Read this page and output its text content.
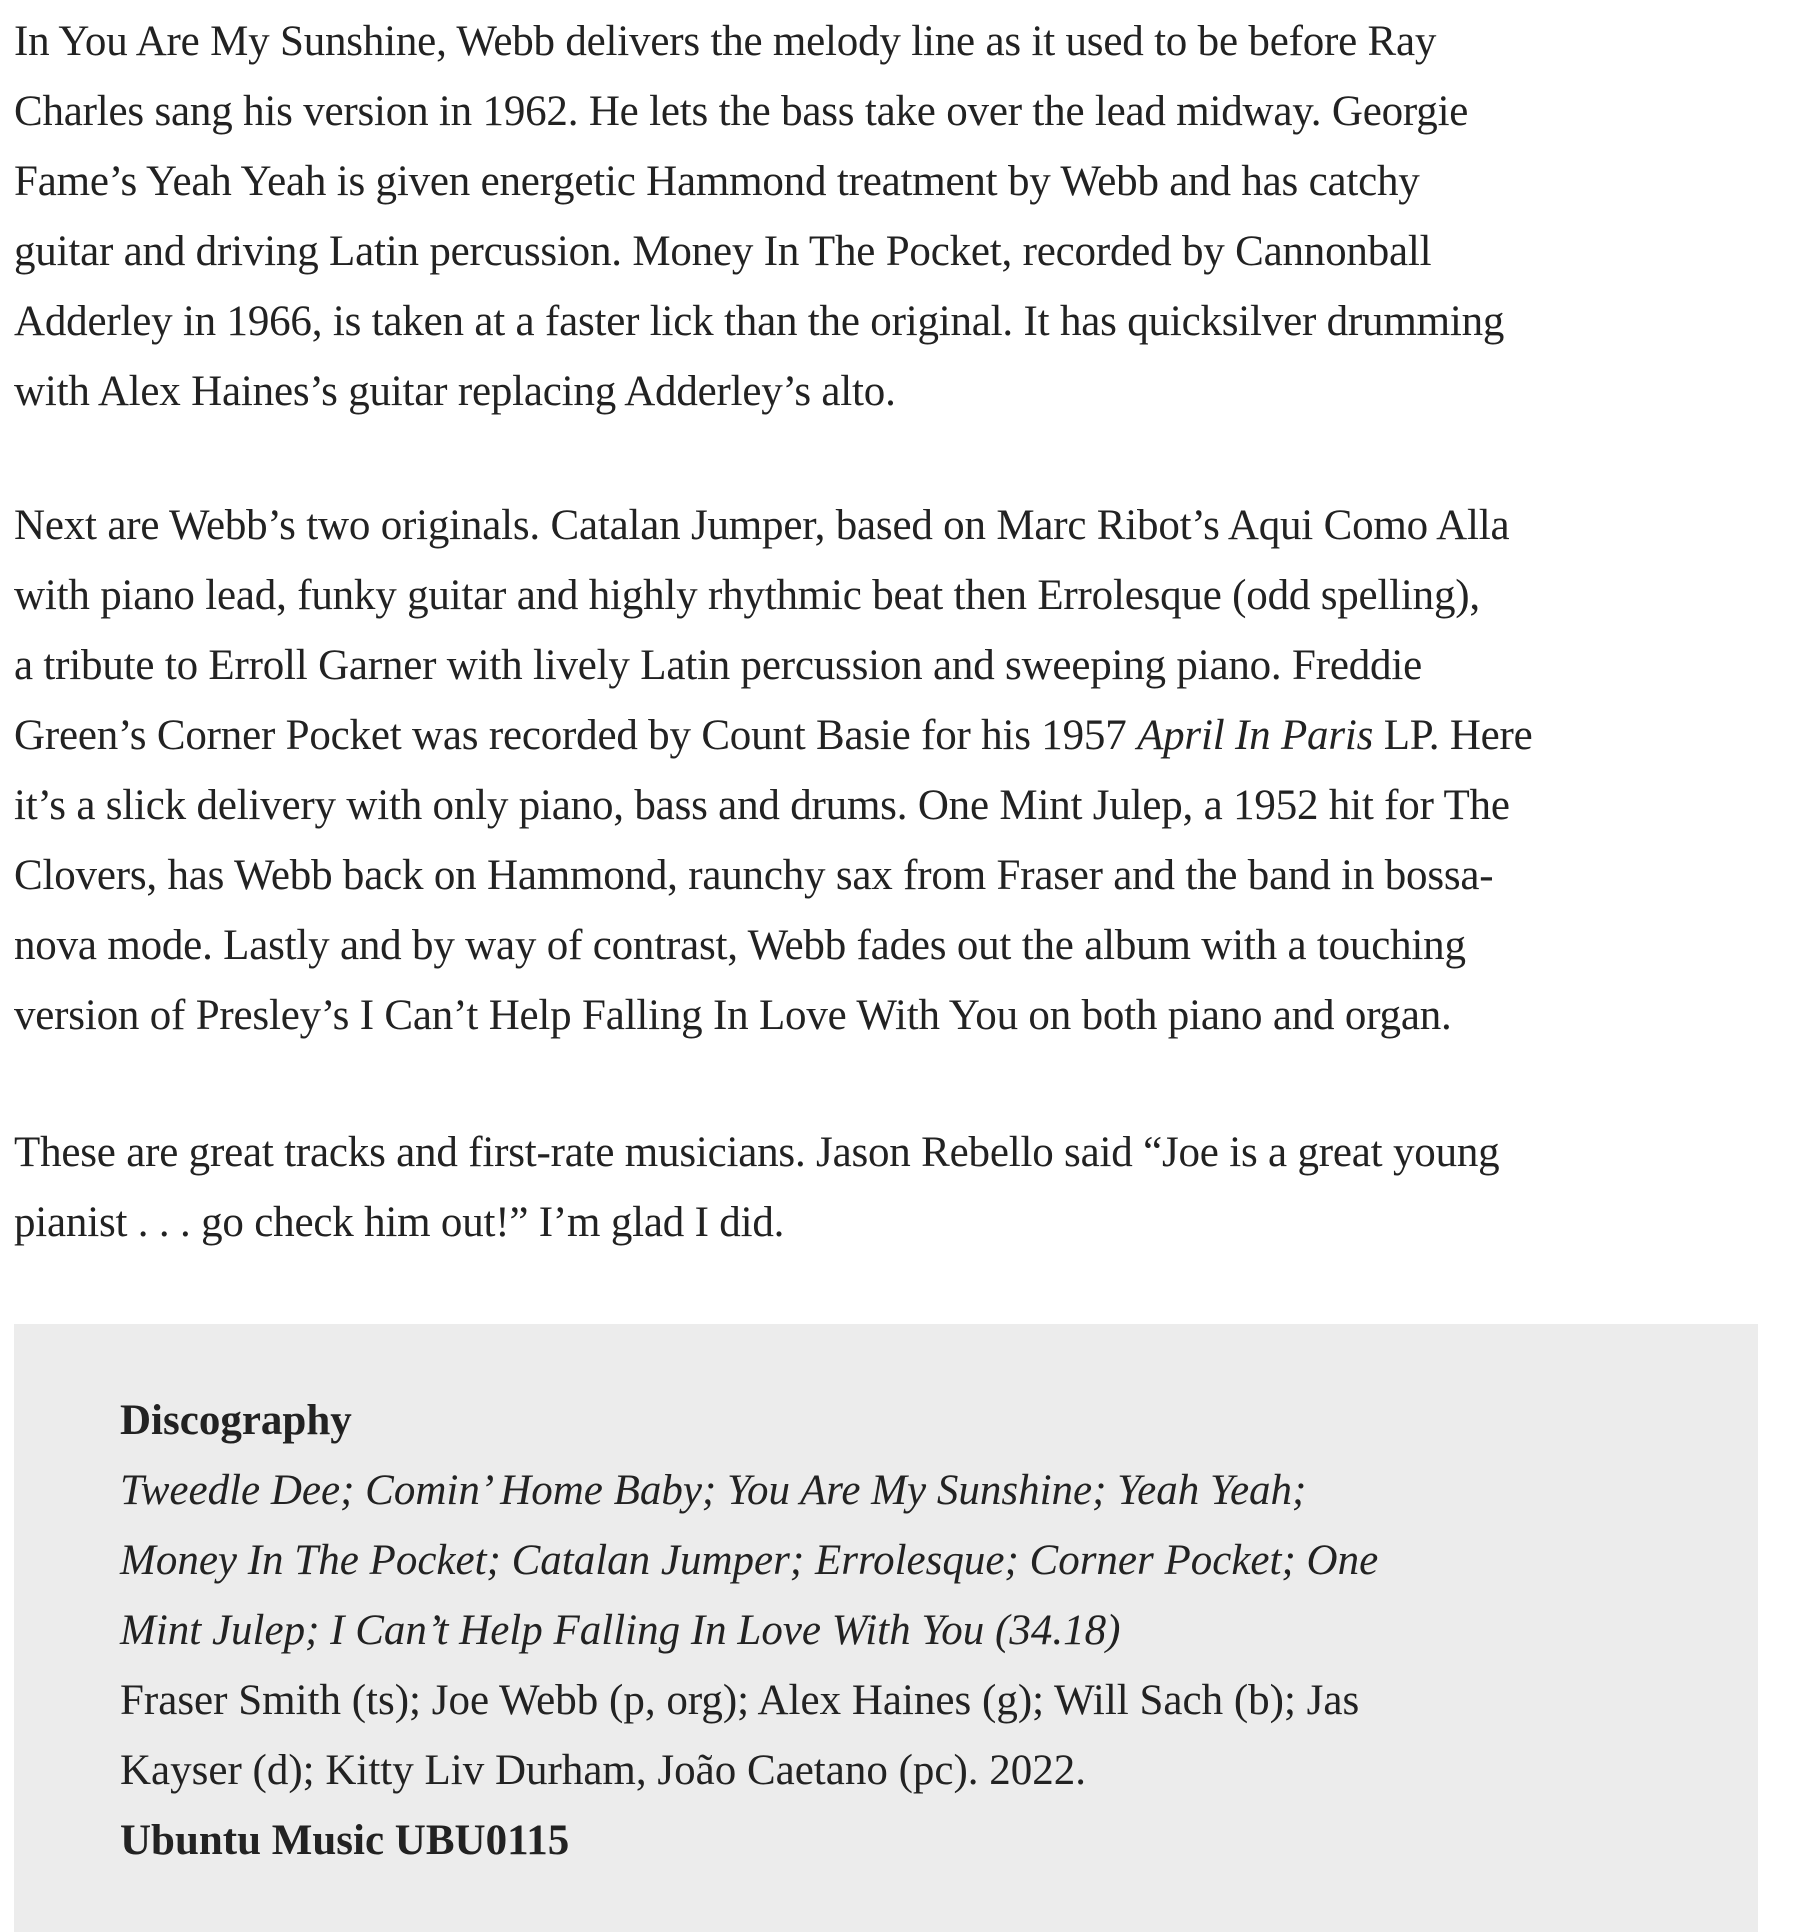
In You Are My Sunshine, Webb delivers the melody line as it used to be before Ray
Charles sang his version in 1962. He lets the bass take over the lead midway. Georgie
Fame’s Yeah Yeah is given energetic Hammond treatment by Webb and has catchy
guitar and driving Latin percussion. Money In The Pocket, recorded by Cannonball
Adderley in 1966, is taken at a faster lick than the original. It has quicksilver drumming
with Alex Haines’s guitar replacing Adderley’s alto.

Next are Webb’s two originals. Catalan Jumper, based on Marc Ribot’s Aqui Como Alla
with piano lead, funky guitar and highly rhythmic beat then Errolesque (odd spelling),
a tribute to Erroll Garner with lively Latin percussion and sweeping piano. Freddie
Green’s Corner Pocket was recorded by Count Basie for his 1957 April In Paris LP. Here
it’s a slick delivery with only piano, bass and drums. One Mint Julep, a 1952 hit for The
Clovers, has Webb back on Hammond, raunchy sax from Fraser and the band in bossa-
nova mode. Lastly and by way of contrast, Webb fades out the album with a touching
version of Presley’s I Can’t Help Falling In Love With You on both piano and organ.

These are great tracks and first-rate musicians. Jason Rebello said “Joe is a great young
pianist . . . go check him out!” I’m glad I did.

Discography
Tweedle Dee; Comin’ Home Baby; You Are My Sunshine; Yeah Yeah;
Money In The Pocket; Catalan Jumper; Errolesque; Corner Pocket; One
Mint Julep; I Can’t Help Falling In Love With You (34.18)
Fraser Smith (ts); Joe Webb (p, org); Alex Haines (g); Will Sach (b); Jas
Kayser (d); Kitty Liv Durham, João Caetano (pc). 2022.
Ubuntu Music UBU0115
